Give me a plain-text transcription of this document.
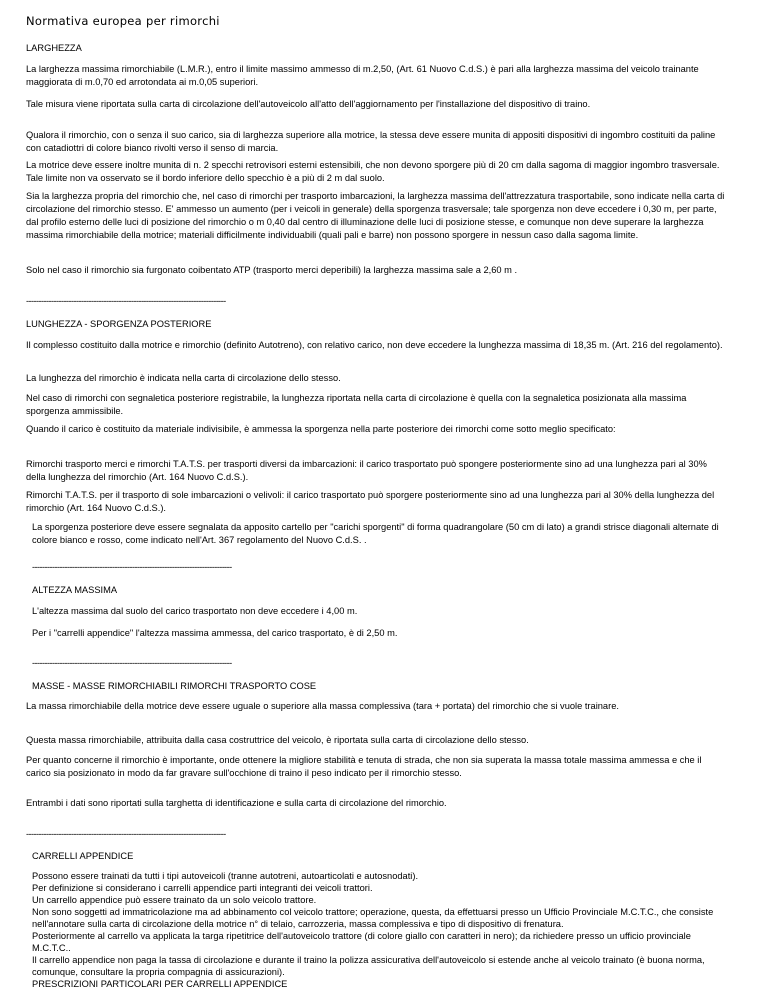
Normativa europea per rimorchi

LARGHEZZA

La larghezza massima rimorchiabile (L.M.R.), entro il limite massimo ammesso di m.2,50, (Art. 61 Nuovo C.d.S.) è pari alla larghezza massima del veicolo trainante maggiorata di m.0,70 ed arrotondata ai m.0,05 superiori.

Tale misura viene riportata sulla carta di circolazione dell'autoveicolo all'atto dell'aggiornamento per l'installazione del dispositivo di traino.

Qualora il rimorchio, con o senza il suo carico, sia di larghezza superiore alla motrice, la stessa deve essere munita di appositi dispositivi di ingombro costituiti da paline con catadiottri di colore bianco rivolti verso il senso di marcia.

La motrice deve essere inoltre munita di n. 2 specchi retrovisori esterni estensibili, che non devono sporgere più di 20 cm dalla sagoma di maggior ingombro trasversale. Tale limite non va osservato se il bordo inferiore dello specchio è a più di 2 m dal suolo.

Sia la larghezza propria del rimorchio che, nel caso di rimorchi per trasporto imbarcazioni, la larghezza massima dell'attrezzatura trasportabile, sono indicate nella carta di circolazione del rimorchio stesso. E' ammesso un aumento (per i veicoli in generale) della sporgenza trasversale; tale sporgenza non deve eccedere i 0,30 m, per parte, dal profilo esterno delle luci di posizione del rimorchio o m 0,40 dal centro di illuminazione delle luci di posizione stesse, e comunque non deve superare la larghezza massima rimorchiabile della motrice; materiali difficilmente individuabili (quali pali e barre) non possono sporgere in nessun caso dalla sagoma limite.

Solo nel caso il rimorchio sia furgonato coibentato ATP (trasporto merci deperibili) la larghezza massima sale a 2,60 m .

--------------------------------------------------------------------------------

LUNGHEZZA - SPORGENZA POSTERIORE

Il complesso costituito dalla motrice e rimorchio (definito Autotreno), con relativo carico, non deve eccedere la lunghezza massima di 18,35 m. (Art. 216 del regolamento).

La lunghezza del rimorchio è indicata nella carta di circolazione dello stesso.

Nel caso di rimorchi con segnaletica posteriore registrabile, la lunghezza riportata nella carta di circolazione è quella con la segnaletica posizionata alla massima sporgenza ammissibile.

Quando il carico è costituito da materiale indivisibile, è ammessa la sporgenza nella parte posteriore dei rimorchi come sotto meglio specificato:

Rimorchi trasporto merci e rimorchi T.A.T.S. per trasporti diversi da imbarcazioni: il carico trasportato può spongere posteriormente sino ad una lunghezza pari al 30% della lunghezza del rimorchio (Art. 164 Nuovo C.d.S.).

Rimorchi T.A.T.S. per il trasporto di sole imbarcazioni o velivoli: il carico trasportato può sporgere posteriormente sino ad una lunghezza pari al 30% della lunghezza del rimorchio (Art. 164 Nuovo C.d.S.).

La sporgenza posteriore deve essere segnalata da apposito cartello per "carichi sporgenti" di forma quadrangolare (50 cm di lato) a grandi strisce diagonali alternate di colore bianco e rosso, come indicato nell'Art. 367 regolamento del Nuovo C.d.S. .

--------------------------------------------------------------------------------

ALTEZZA MASSIMA

L'altezza massima dal suolo del carico trasportato non deve eccedere i 4,00 m.

Per i "carrelli appendice" l'altezza massima ammessa, del carico trasportato, è di 2,50 m.

--------------------------------------------------------------------------------

MASSE - MASSE RIMORCHIABILI RIMORCHI TRASPORTO COSE

La massa rimorchiabile della motrice deve essere uguale o superiore alla massa complessiva (tara + portata) del rimorchio che si vuole trainare.

Questa massa rimorchiabile, attribuita dalla casa costruttrice del veicolo, è riportata sulla carta di circolazione dello stesso.

Per quanto concerne il rimorchio è importante, onde ottenere la migliore stabilità e tenuta di strada, che non sia superata la massa totale massima ammessa e che il carico sia posizionato in modo da far gravare sull'occhione di traino il peso indicato per il rimorchio stesso.

Entrambi i dati sono riportati sulla targhetta di identificazione e sulla carta di circolazione del rimorchio.

--------------------------------------------------------------------------------

CARRELLI APPENDICE

Possono essere trainati da tutti i tipi autoveicoli (tranne autotreni, autoarticolati e autosnodati).
Per definizione si considerano i carrelli appendice parti integranti dei veicoli trattori.
Un carrello appendice può essere trainato da un solo veicolo trattore.
Non sono soggetti ad immatricolazione ma ad abbinamento col veicolo trattore; operazione, questa, da effettuarsi presso un Ufficio Provinciale M.C.T.C., che consiste nell'annotare sulla carta di circolazione della motrice n° di telaio, carrozzeria, massa complessiva e tipo di dispositivo di frenatura.
Posteriormente al carrello va applicata la targa ripetitrice dell'autoveicolo trattore (di colore giallo con caratteri in nero); da richiedere presso un ufficio provinciale M.C.T.C..
Il carrello appendice non paga la tassa di circolazione e durante il traino la polizza assicurativa dell'autoveicolo si estende anche al veicolo trainato (è buona norma, comunque, consultare la propria compagnia di assicurazioni).
PRESCRIZIONI PARTICOLARI PER CARRELLI APPENDICE
